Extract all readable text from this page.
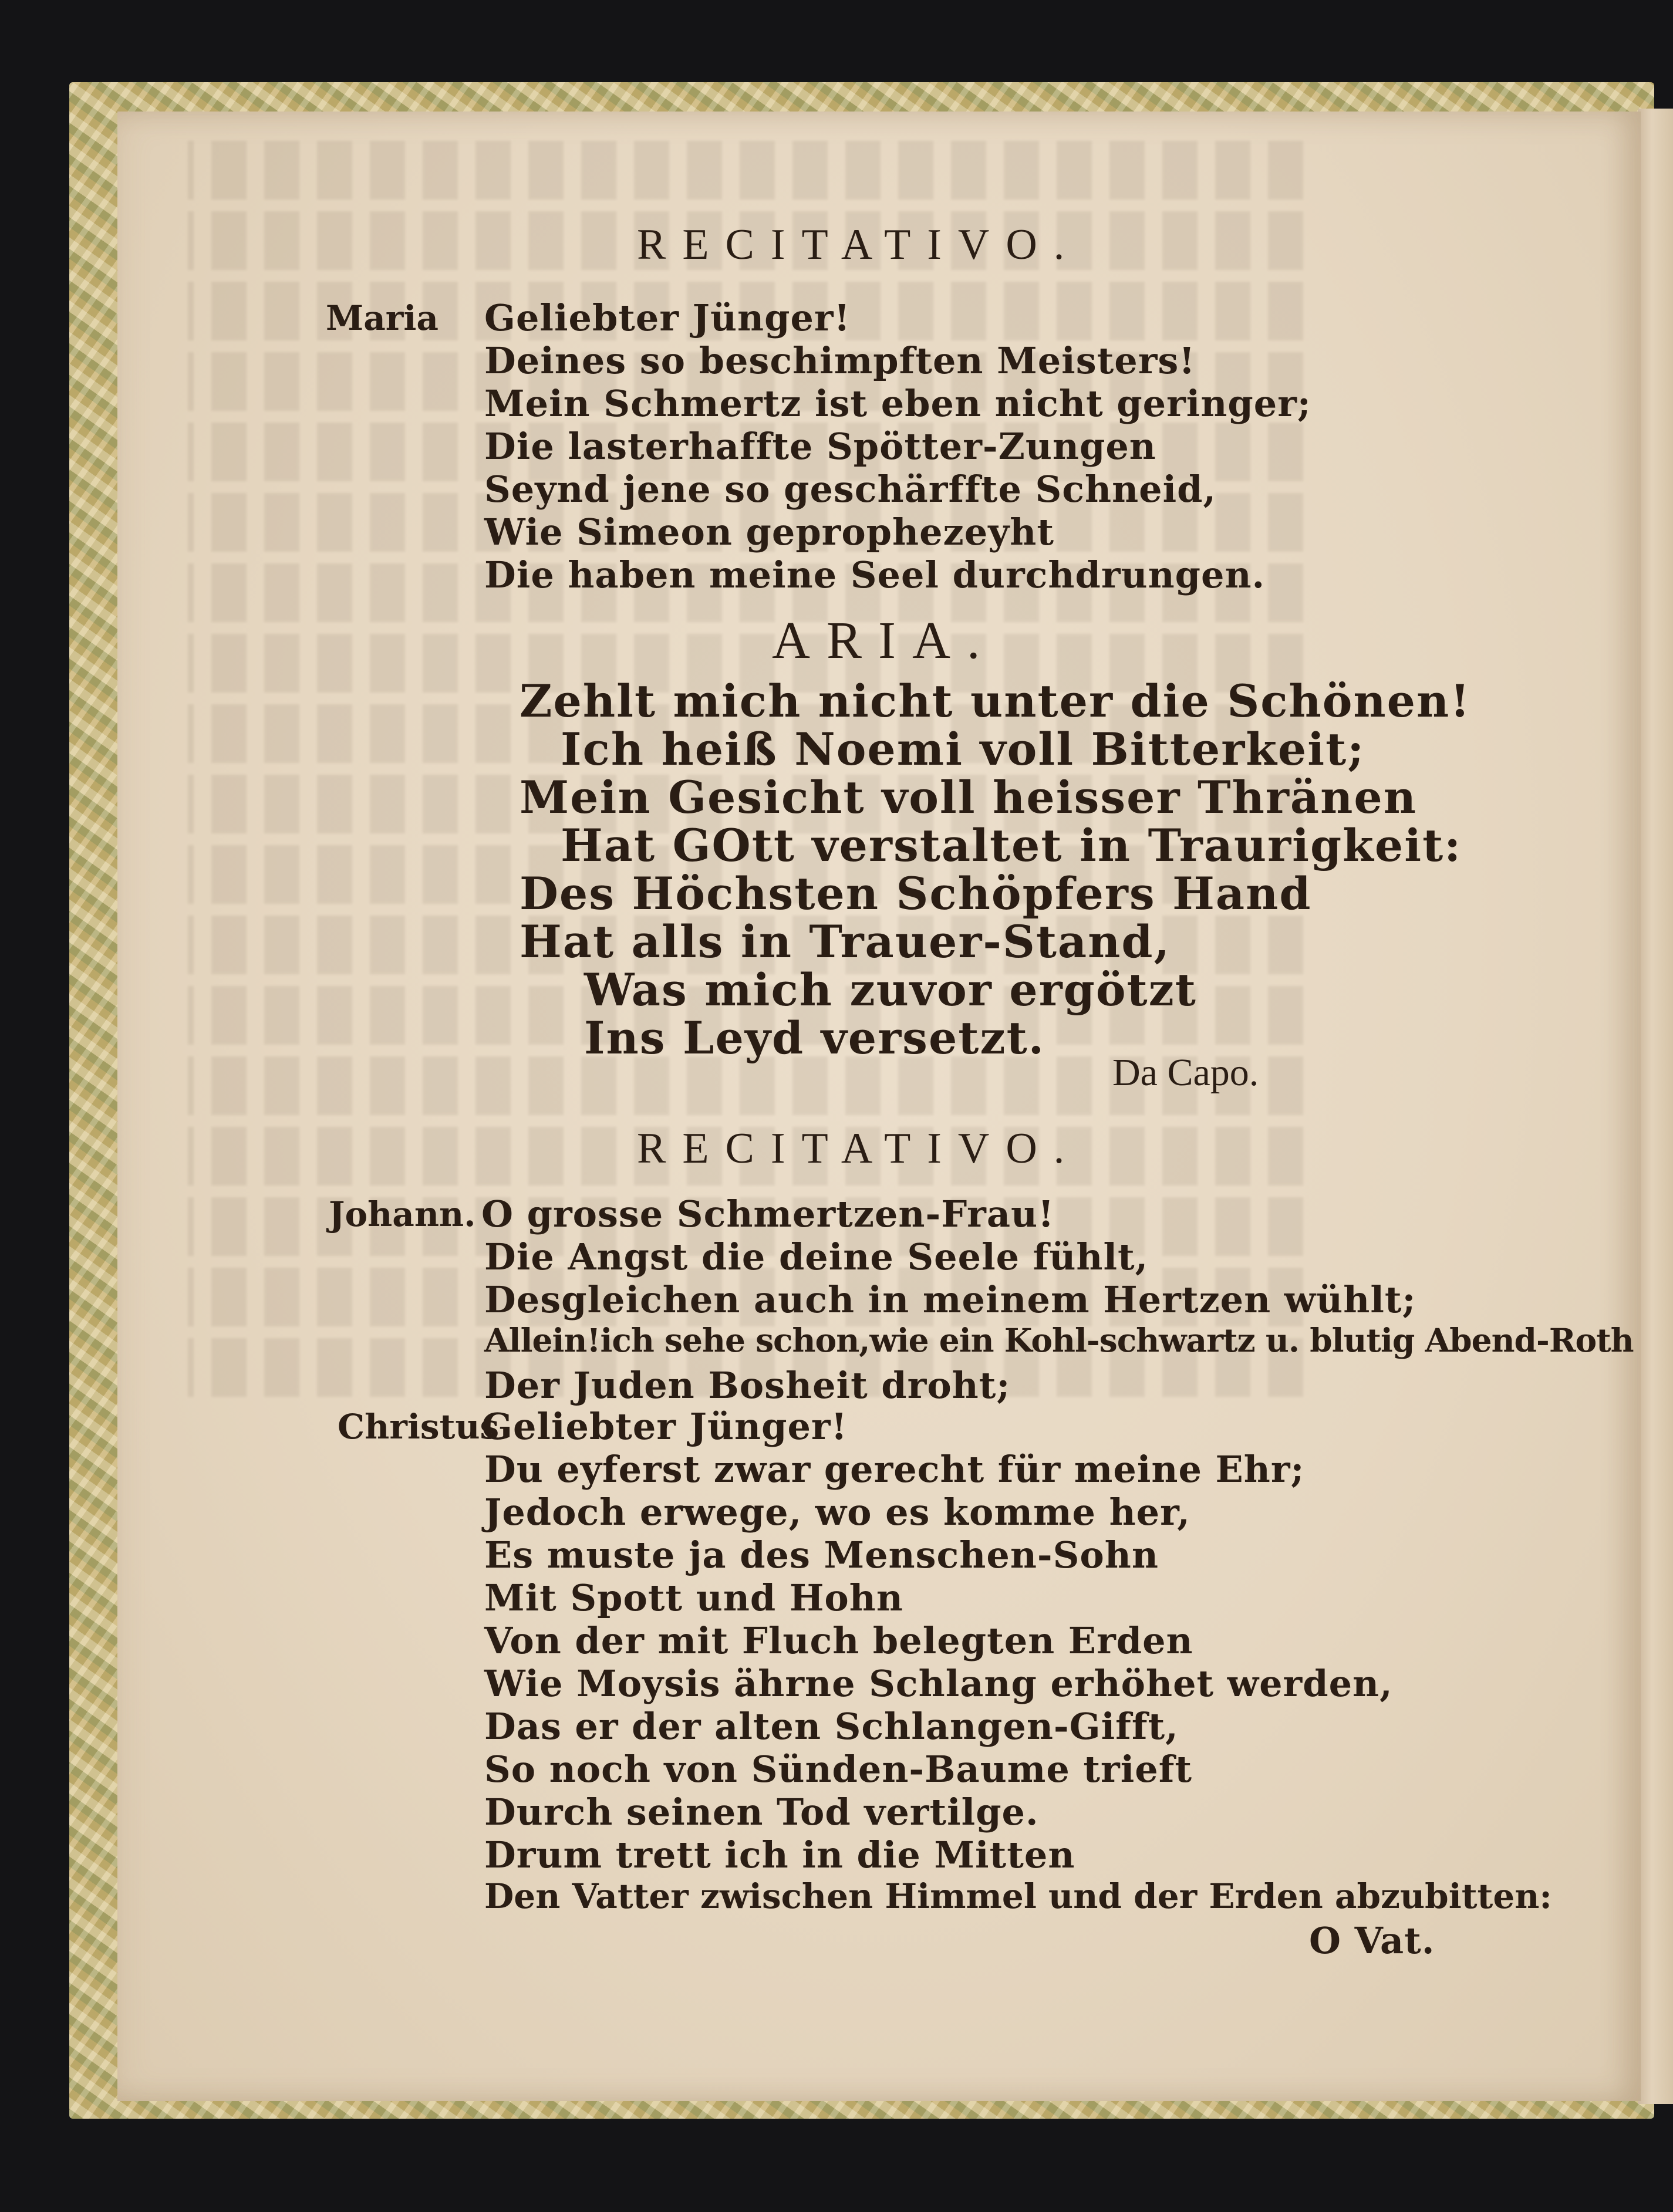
RECITATIVO.
Maria Geliebter Jünger!
Deines so beschimpften Meisters!
Mein Schmertz ist eben nicht geringer;
Die lasterhaffte Spötter-Zungen
Seynd jene so geschärffte Schneid,
Wie Simeon geprophezeyht
Die haben meine Seel durchdrungen.
ARIA.
Zehlt mich nicht unter die Schönen!
Ich heiß Noemi voll Bitterkeit;
Mein Gesicht voll heisser Thränen
Hat GOtt verstaltet in Traurigkeit:
Des Höchsten Schöpfers Hand
Hat alls in Trauer-Stand,
Was mich zuvor ergötzt
Ins Leyd versetzt.
Da Capo.
RECITATIVO.
Johann. O grosse Schmertzen-Frau!
Die Angst die deine Seele fühlt,
Desgleichen auch in meinem Hertzen wühlt;
Allein!ich sehe schon,wie ein Kohl-schwartz u. blutig Abend-Roth
Der Juden Bosheit droht;
Christus
Geliebter Jünger!
Du eyferst zwar gerecht für meine Ehr;
Jedoch erwege, wo es komme her,
Es muste ja des Menschen-Sohn
Mit Spott und Hohn
Von der mit Fluch belegten Erden
Wie Moysis ährne Schlang erhöhet werden,
Das er der alten Schlangen-Gifft,
So noch von Sünden-Baume trieft
Durch seinen Tod vertilge.
Drum trett ich in die Mitten
Den Vatter zwischen Himmel und der Erden abzubitten:
O Vat.
